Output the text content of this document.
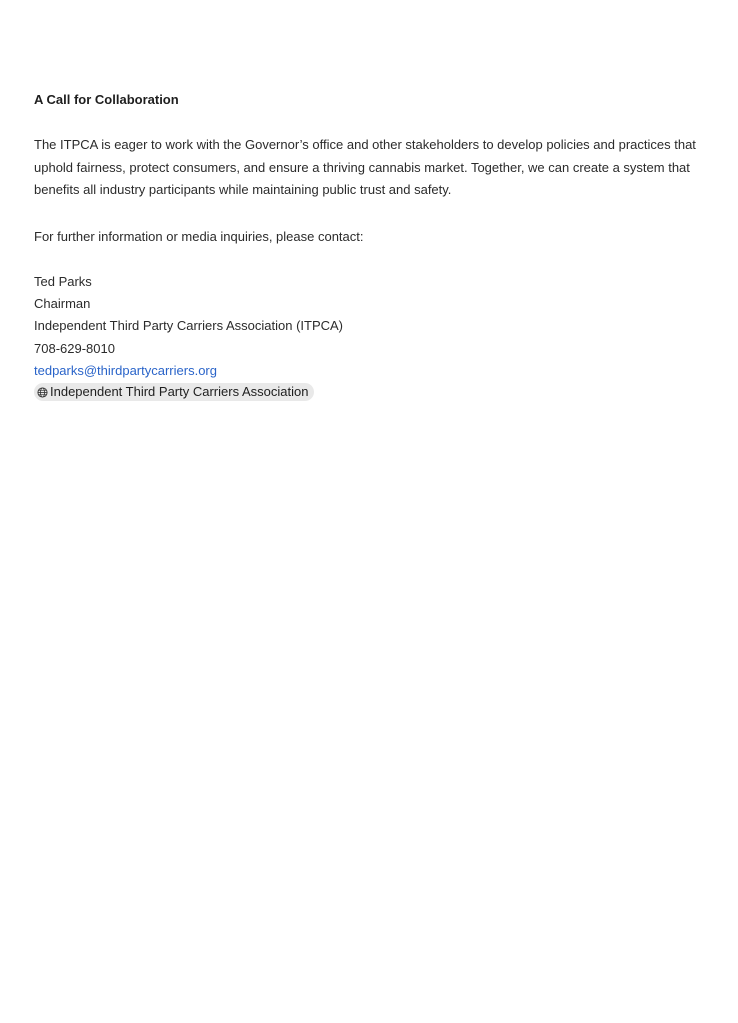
A Call for Collaboration

The ITPCA is eager to work with the Governor’s office and other stakeholders to develop policies and practices that uphold fairness, protect consumers, and ensure a thriving cannabis market. Together, we can create a system that benefits all industry participants while maintaining public trust and safety.

For further information or media inquiries, please contact:

Ted Parks
Chairman
Independent Third Party Carriers Association (ITPCA)
708-629-8010
tedparks@thirdpartycarriers.org
Independent Third Party Carriers Association
